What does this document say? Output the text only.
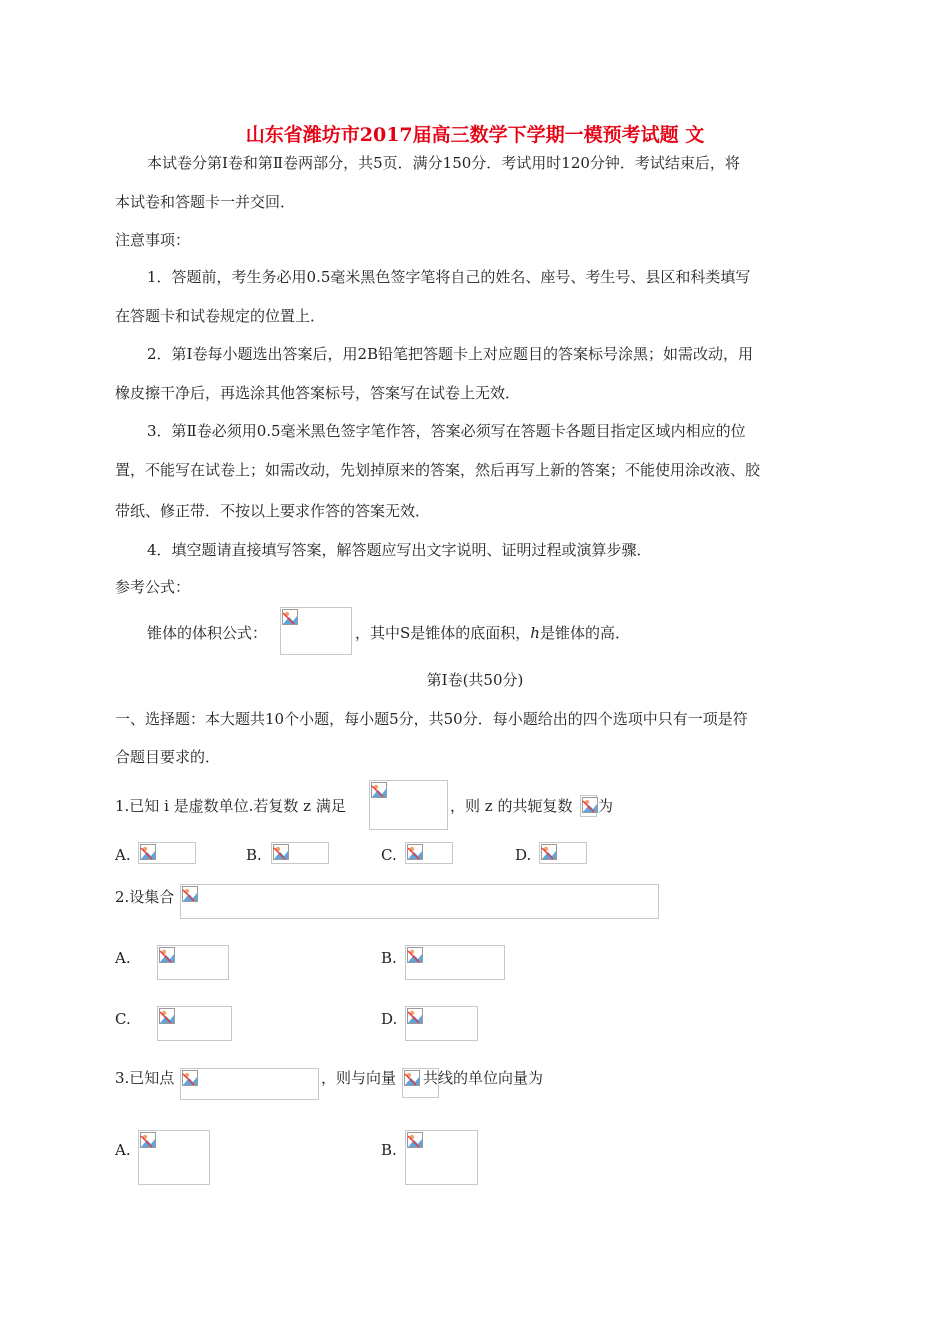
山东省潍坊市2017届高三数学下学期一模预考试题 文
本试卷分第Ⅰ卷和第Ⅱ卷两部分，共5页．满分150分．考试用时120分钟．考试结束后，将
本试卷和答题卡一并交回．
注意事项：
1．答题前，考生务必用0.5毫米黑色签字笔将自己的姓名、座号、考生号、县区和科类填写
在答题卡和试卷规定的位置上．
2．第Ⅰ卷每小题选出答案后，用2B铅笔把答题卡上对应题目的答案标号涂黑；如需改动，用
橡皮擦干净后，再选涂其他答案标号，答案写在试卷上无效．
3．第Ⅱ卷必须用0.5毫米黑色签字笔作答，答案必须写在答题卡各题目指定区域内相应的位
置，不能写在试卷上；如需改动，先划掉原来的答案，然后再写上新的答案；不能使用涂改液、胶
带纸、修正带．不按以上要求作答的答案无效．
4．填空题请直接填写答案，解答题应写出文字说明、证明过程或演算步骤．
参考公式：
锥体的体积公式：	，其中S是锥体的底面积，h是锥体的高．
第Ⅰ卷(共50分)
一、选择题：本大题共10个小题，每小题5分，共50分．每小题给出的四个选项中只有一项是符
合题目要求的．
1.已知 i 是虚数单位.若复数 z 满足	，则 z 的共轭复数 为
A.	B.	C.	D.
2.设集合
A.	B.
C.	D.
3.已知点	，则与向量 共线的单位向量为
A.	B.
